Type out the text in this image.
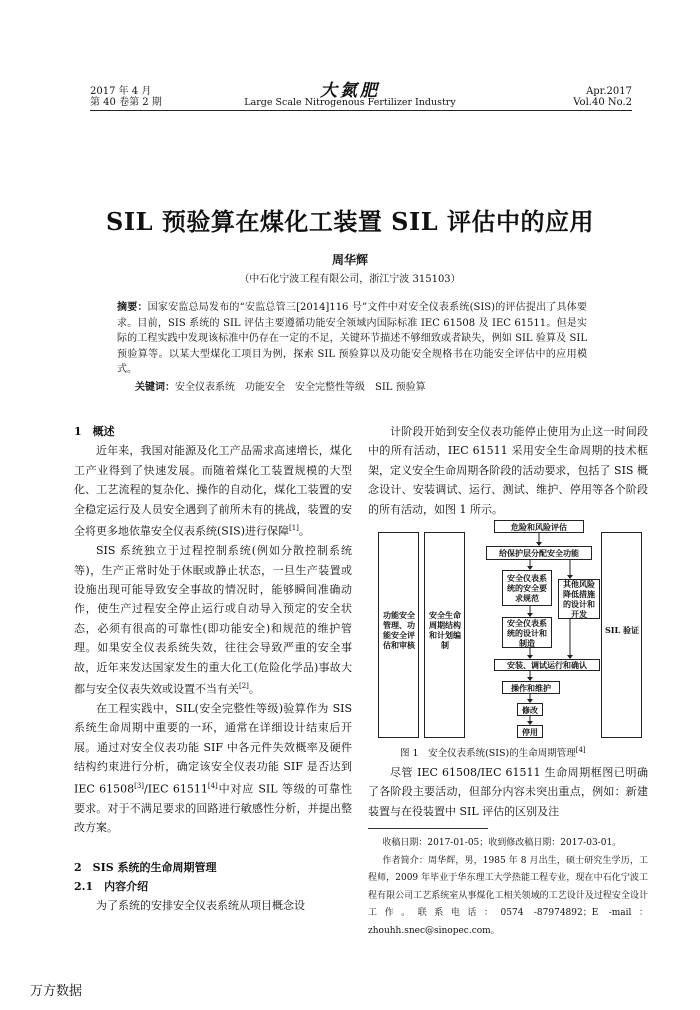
2017 年 4 月
第 40 卷第 2 期
大氮肥
Large Scale Nitrogenous Fertilizer Industry
Apr.2017
Vol.40 No.2
SIL 预验算在煤化工装置 SIL 评估中的应用
周华辉
（中石化宁波工程有限公司，浙江宁波 315103）
摘要：国家安监总局发布的“安监总管三[2014]116 号”文件中对安全仪表系统(SIS)的评估提出了具体要求。目前，SIS 系统的 SIL 评估主要遵循功能安全领域内国际标准 IEC 61508 及 IEC 61511。但是实际的工程实践中发现该标准中仍存在一定的不足，关键环节描述不够细致或者缺失，例如 SIL 验算及 SIL 预验算等。以某大型煤化工项目为例，探索 SIL 预验算以及功能安全规格书在功能安全评估中的应用模式。
关键词：安全仪表系统　功能安全　安全完整性等级　SIL 预验算
1　概述

近年来，我国对能源及化工产品需求高速增长，煤化工产业得到了快速发展。而随着煤化工装置规模的大型化、工艺流程的复杂化、操作的自动化，煤化工装置的安全稳定运行及人员安全遇到了前所未有的挑战，装置的安全将更多地依靠安全仪表系统(SIS)进行保障[1]。

SIS 系统独立于过程控制系统(例如分散控制系统等)，生产正常时处于休眠或静止状态，一旦生产装置或设施出现可能导致安全事故的情况时，能够瞬间准确动作，使生产过程安全停止运行或自动导入预定的安全状态，必须有很高的可靠性(即功能安全)和规范的维护管理。如果安全仪表系统失效，往往会导致严重的安全事故，近年来发达国家发生的重大化工(危险化学品)事故大都与安全仪表失效或设置不当有关[2]。

在工程实践中，SIL(安全完整性等级)验算作为 SIS 系统生命周期中重要的一环，通常在详细设计结束后开展。通过对安全仪表功能 SIF 中各元件失效概率及硬件结构约束进行分析，确定该安全仪表功能 SIF 是否达到 IEC 61508[3]/IEC 61511[4]中对应 SIL 等级的可靠性要求。对于不满足要求的回路进行敏感性分析，并提出整改方案。

2　SIS 系统的生命周期管理
2.1　内容介绍

为了系统的安排安全仪表系统从项目概念设

计阶段开始到安全仪表功能停止使用为止这一时间段中的所有活动，IEC 61511 采用安全生命周期的技术框架，定义安全生命周期各阶段的活动要求，包括了 SIS 概念设计、安装调试、运行、测试、维护、停用等各个阶段的所有活动，如图 1 所示。

危险和风险评估
给保护层分配安全功能
安全仪表系统的安全要求规范
其他风险降低措施的设计和开发
功能安全管理、功能安全评估和审核
安全生命周期结构和计划编制
安全仪表系统的设计和制造
SIL 验证
安装、调试运行和确认
操作和维护
修改
停用
图 1　安全仪表系统(SIS)的生命周期管理[4]

尽管 IEC 61508/IEC 61511 生命周期框图已明确了各阶段主要活动，但部分内容未突出重点，例如：新建装置与在役装置中 SIL 评估的区别及注

收稿日期：2017-01-05；收到修改稿日期：2017-03-01。

作者简介：周华辉，男，1985 年 8 月出生，硕士研究生学历，工程师，2009 年毕业于华东理工大学热能工程专业，现在中石化宁波工程有限公司工艺系统室从事煤化工相关领域的工艺设计及过程安全设计工作。联系电话：0574 -87974892；E -mail：zhouhh.snec@sinopec.com。

万方数据
